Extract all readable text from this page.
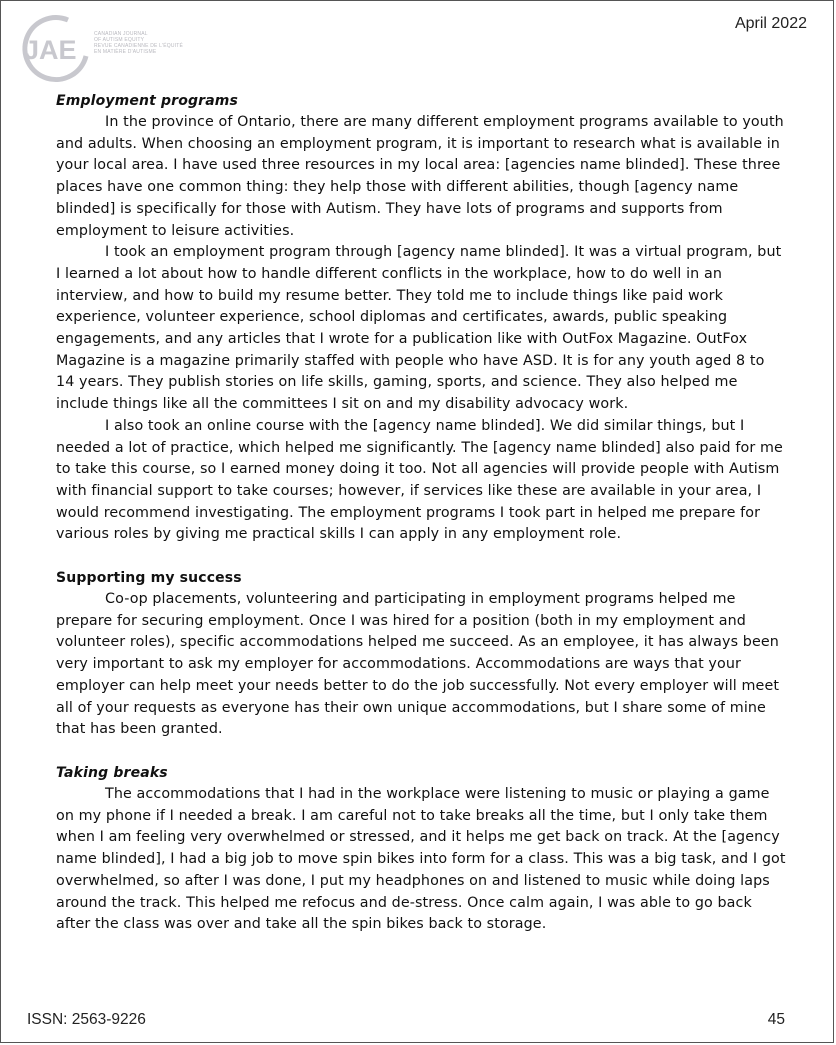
JAE
CANADIAN JOURNAL
OF AUTISM EQUITY
REVUE CANADIENNE DE L'ÉQUITÉ
EN MATIÈRE D'AUTISME
April 2022
Employment programs

In the province of Ontario, there are many different employment programs available to youth and adults. When choosing an employment program, it is important to research what is available in your local area. I have used three resources in my local area: [agencies name blinded]. These three places have one common thing: they help those with different abilities, though [agency name blinded] is specifically for those with Autism. They have lots of programs and supports from employment to leisure activities.

I took an employment program through [agency name blinded]. It was a virtual program, but I learned a lot about how to handle different conflicts in the workplace, how to do well in an interview, and how to build my resume better. They told me to include things like paid work experience, volunteer experience, school diplomas and certificates, awards, public speaking engagements, and any articles that I wrote for a publication like with OutFox Magazine. OutFox Magazine is a magazine primarily staffed with people who have ASD. It is for any youth aged 8 to 14 years. They publish stories on life skills, gaming, sports, and science. They also helped me include things like all the committees I sit on and my disability advocacy work.

I also took an online course with the [agency name blinded]. We did similar things, but I needed a lot of practice, which helped me significantly. The [agency name blinded] also paid for me to take this course, so I earned money doing it too. Not all agencies will provide people with Autism with financial support to take courses; however, if services like these are available in your area, I would recommend investigating. The employment programs I took part in helped me prepare for various roles by giving me practical skills I can apply in any employment role.

Supporting my success

Co-op placements, volunteering and participating in employment programs helped me prepare for securing employment. Once I was hired for a position (both in my employment and volunteer roles), specific accommodations helped me succeed. As an employee, it has always been very important to ask my employer for accommodations. Accommodations are ways that your employer can help meet your needs better to do the job successfully. Not every employer will meet all of your requests as everyone has their own unique accommodations, but I share some of mine that has been granted.

Taking breaks

The accommodations that I had in the workplace were listening to music or playing a game on my phone if I needed a break. I am careful not to take breaks all the time, but I only take them when I am feeling very overwhelmed or stressed, and it helps me get back on track. At the [agency name blinded], I had a big job to move spin bikes into form for a class. This was a big task, and I got overwhelmed, so after I was done, I put my headphones on and listened to music while doing laps around the track. This helped me refocus and de-stress. Once calm again, I was able to go back after the class was over and take all the spin bikes back to storage.

ISSN: 2563-9226	45
